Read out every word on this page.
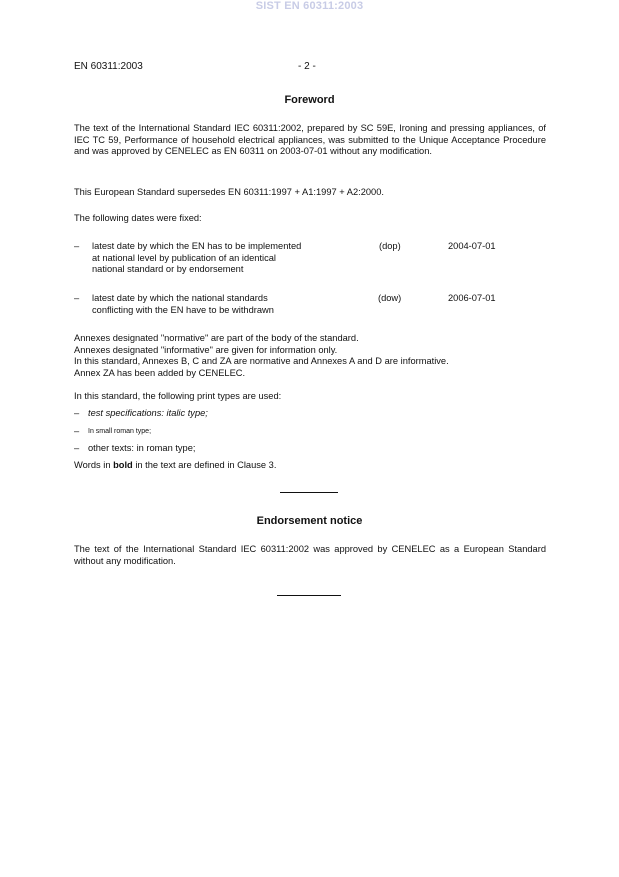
SIST EN 60311:2003
EN 60311:2003	- 2 -
Foreword
The text of the International Standard IEC 60311:2002, prepared by SC 59E, Ironing and pressing appliances, of IEC TC 59, Performance of household electrical appliances, was submitted to the Unique Acceptance Procedure and was approved by CENELEC as EN 60311 on 2003-07-01 without any modification.
This European Standard supersedes EN 60311:1997 + A1:1997 + A2:2000.
The following dates were fixed:
– latest date by which the EN has to be implemented
at national level by publication of an identical
national standard or by endorsement
(dop)	2004-07-01
– latest date by which the national standards
conflicting with the EN have to be withdrawn
(dow)	2006-07-01
Annexes designated "normative" are part of the body of the standard.
Annexes designated "informative" are given for information only.
In this standard, Annexes B, C and ZA are normative and Annexes A and D are informative.
Annex ZA has been added by CENELEC.
In this standard, the following print types are used:
– test specifications: italic type;
– In small roman type;
– other texts: in roman type;
Words in bold in the text are defined in Clause 3.
Endorsement notice
The text of the International Standard IEC 60311:2002 was approved by CENELEC as a European Standard without any modification.
